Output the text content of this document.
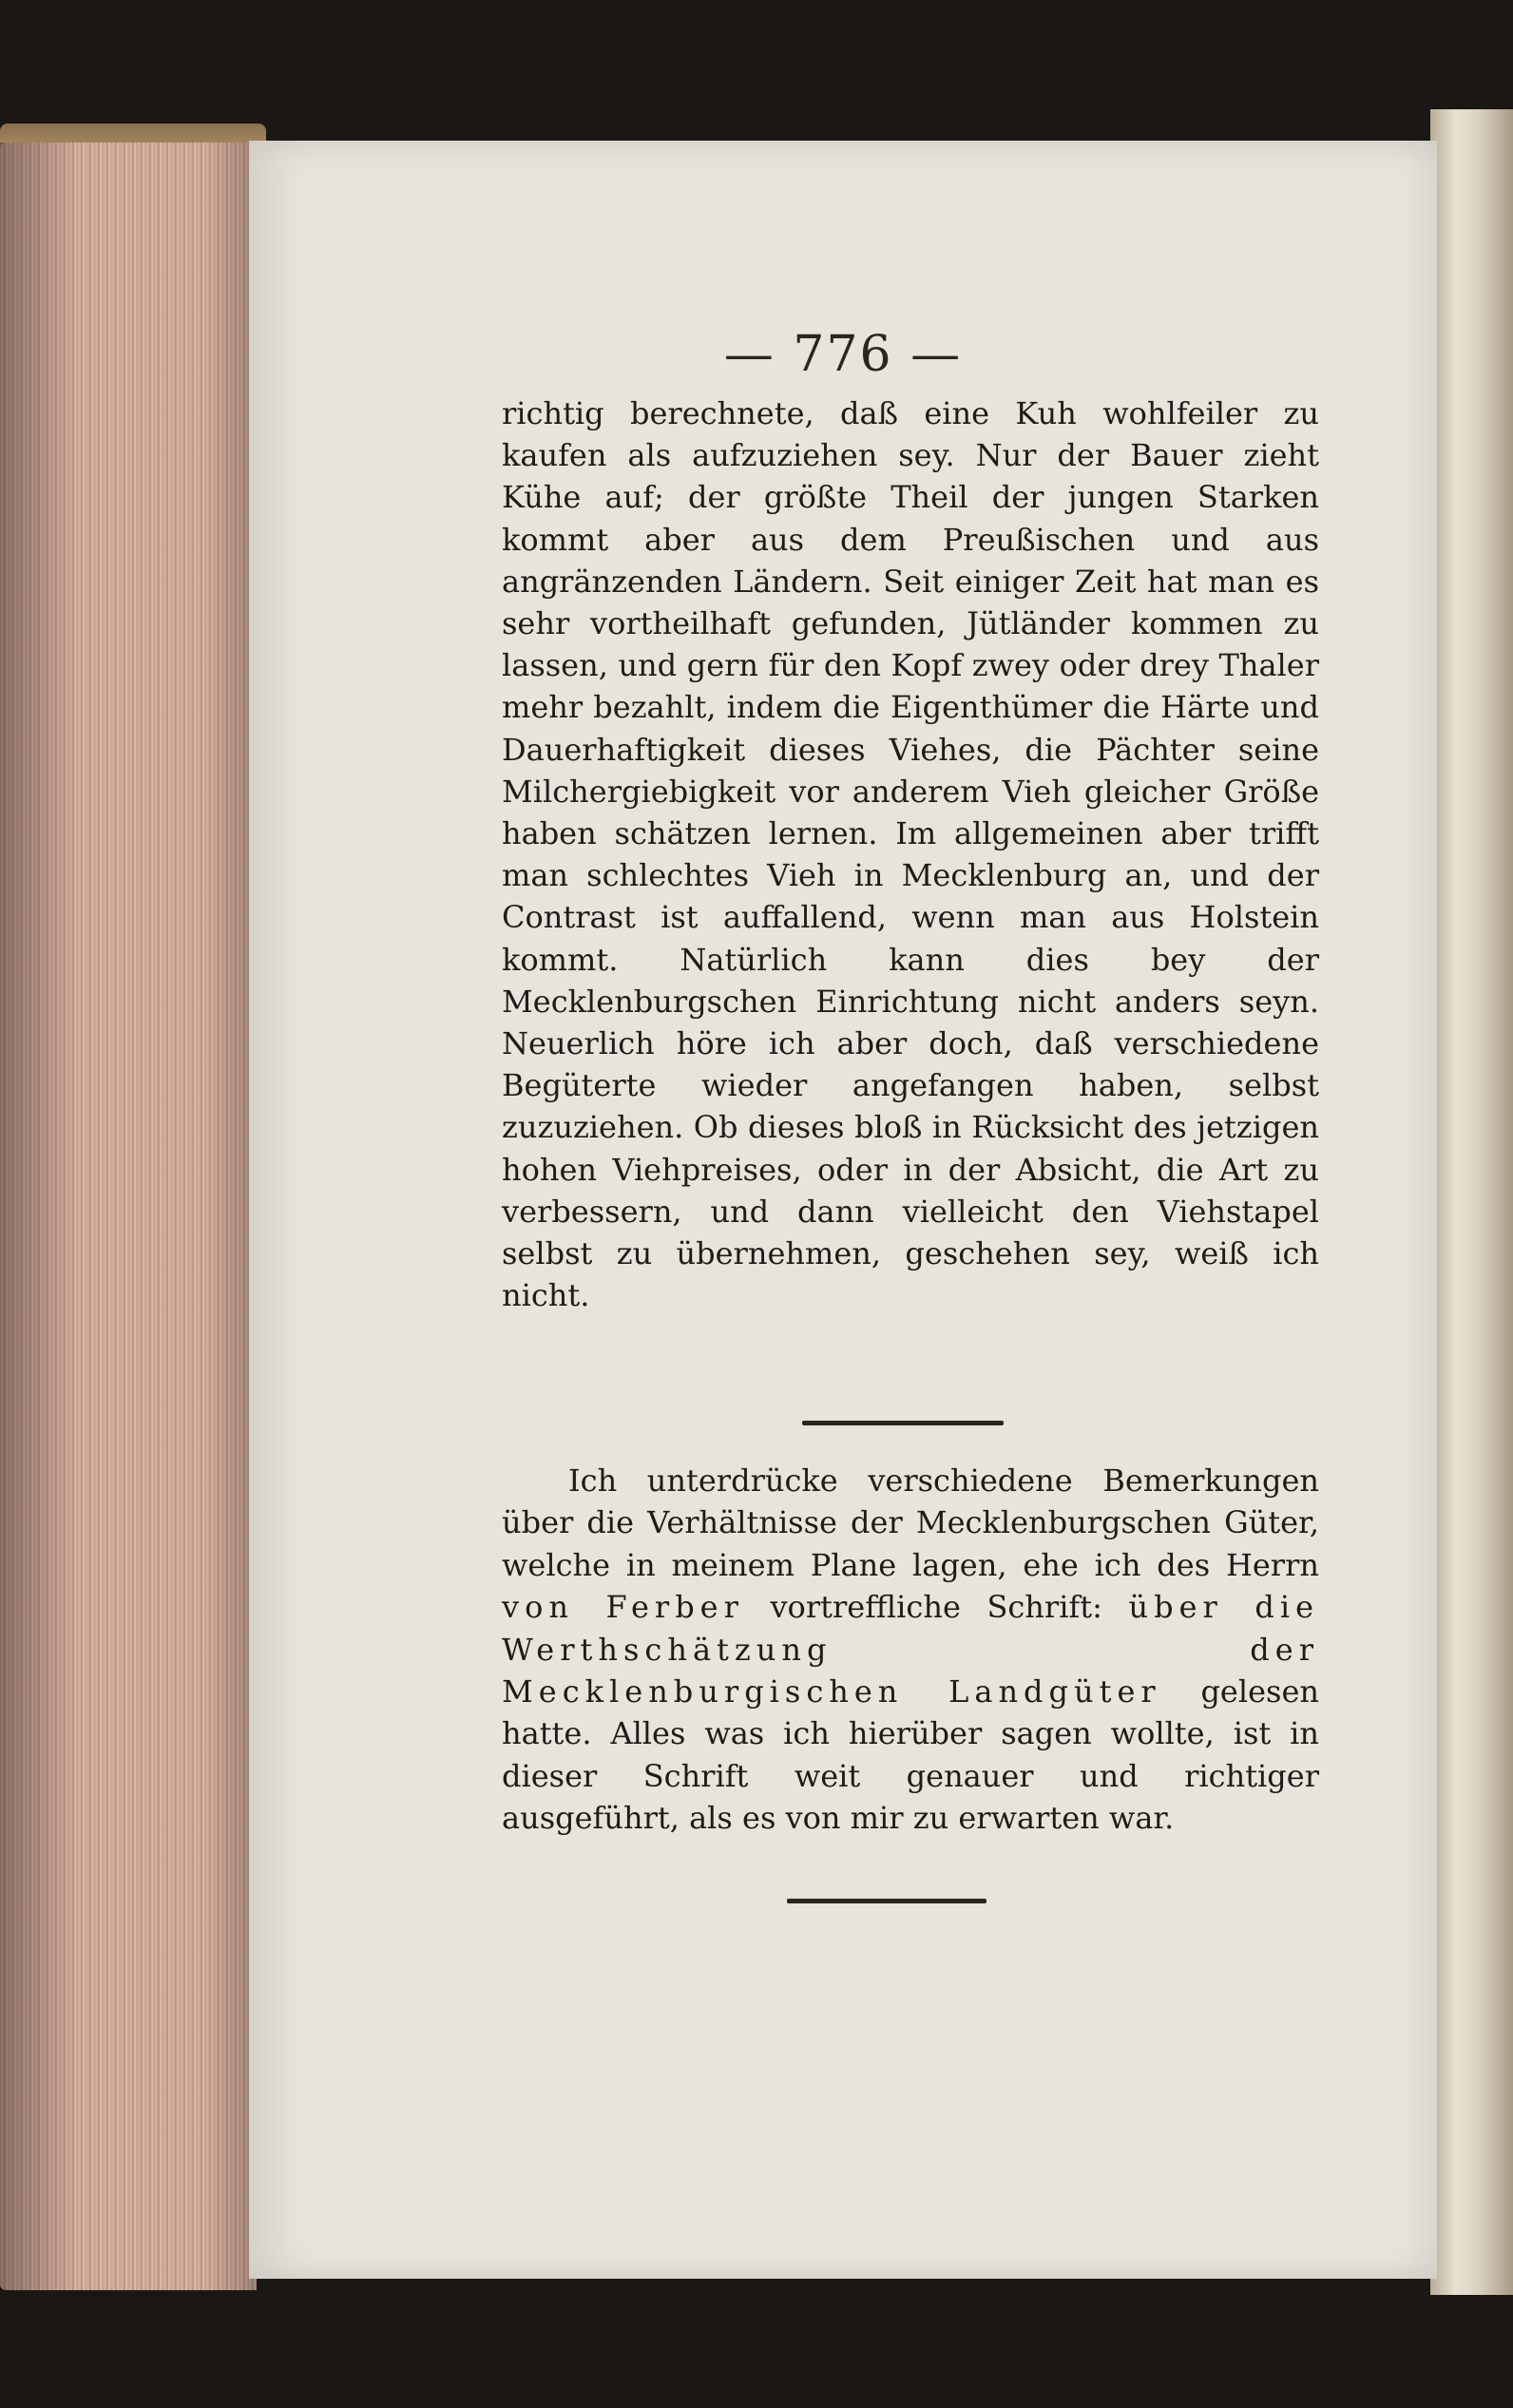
— 776 —

richtig berechnete, daß eine Kuh wohlfeiler zu kaufen als aufzuziehen sey. Nur der Bauer zieht Kühe auf; der größte Theil der jungen Starken kommt aber aus dem Preußischen und aus angränzenden Ländern. Seit einiger Zeit hat man es sehr vortheilhaft gefunden, Jütländer kommen zu lassen, und gern für den Kopf zwey oder drey Thaler mehr bezahlt, indem die Eigenthümer die Härte und Dauerhaftigkeit dieses Viehes, die Pächter seine Milchergiebigkeit vor anderem Vieh gleicher Größe haben schätzen lernen. Im allgemeinen aber trifft man schlechtes Vieh in Mecklenburg an, und der Contrast ist auffallend, wenn man aus Holstein kommt. Natürlich kann dies bey der Mecklenburgschen Einrichtung nicht anders seyn. Neuerlich höre ich aber doch, daß verschiedene Begüterte wieder angefangen haben, selbst zuzuziehen. Ob dieses bloß in Rücksicht des jetzigen hohen Viehpreises, oder in der Absicht, die Art zu verbessern, und dann vielleicht den Viehstapel selbst zu übernehmen, geschehen sey, weiß ich nicht.

Ich unterdrücke verschiedene Bemerkungen über die Verhältnisse der Mecklenburgschen Güter, welche in meinem Plane lagen, ehe ich des Herrn von Ferber vortreffliche Schrift: über die Werthschätzung der Mecklenburgischen Landgüter gelesen hatte. Alles was ich hierüber sagen wollte, ist in dieser Schrift weit genauer und richtiger ausgeführt, als es von mir zu erwarten war.
